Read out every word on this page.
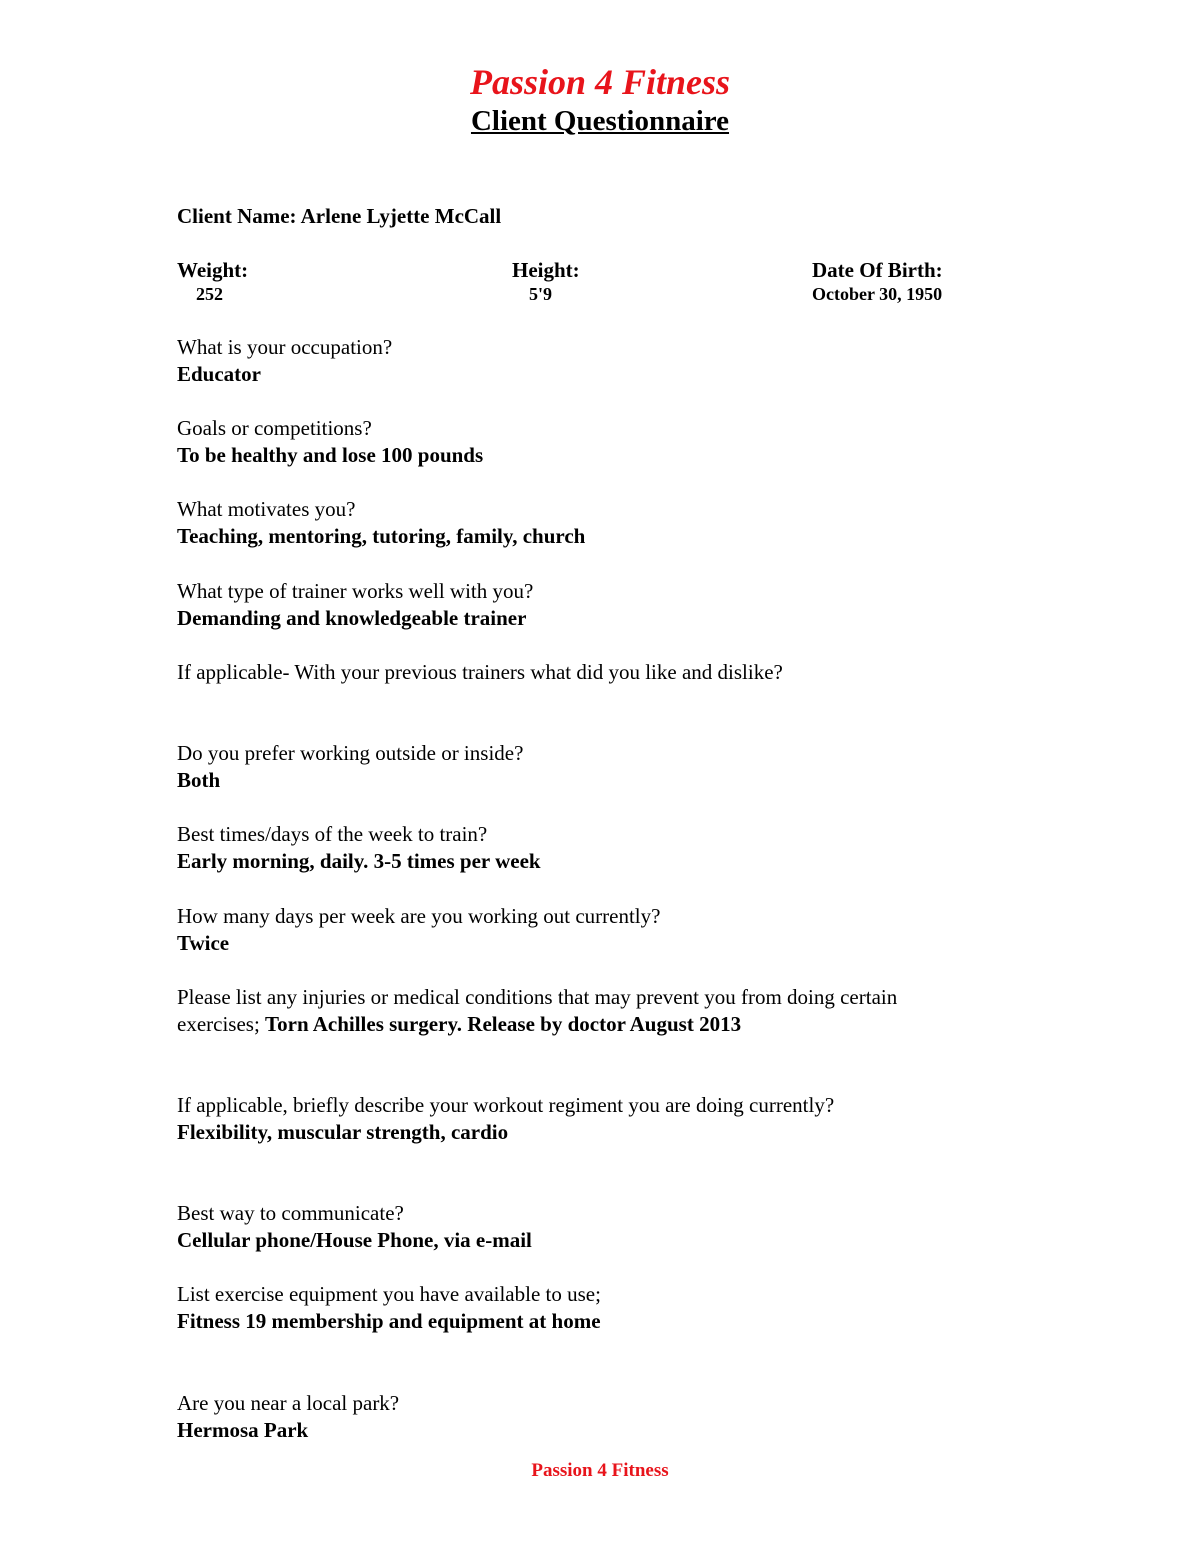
Passion 4 Fitness
Client Questionnaire
Client Name: Arlene Lyjette McCall
Weight:
252
Height:
5'9
Date Of Birth:
October 30, 1950
What is your occupation?
Educator
Goals or competitions?
To be healthy and lose 100 pounds
What motivates you?
Teaching, mentoring, tutoring, family, church
What type of trainer works well with you?
Demanding and knowledgeable trainer
If applicable- With your previous trainers what did you like and dislike?
Do you prefer working outside or inside?
Both
Best times/days of the week to train?
Early morning, daily. 3-5 times per week
How many days per week are you working out currently?
Twice
Please list any injuries or medical conditions that may prevent you from doing certain
exercises; Torn Achilles surgery. Release by doctor August 2013
If applicable, briefly describe your workout regiment you are doing currently?
Flexibility, muscular strength, cardio
Best way to communicate?
Cellular phone/House Phone, via e-mail
List exercise equipment you have available to use;
Fitness 19 membership and equipment at home
Are you near a local park?
Hermosa Park
Passion 4 Fitness
